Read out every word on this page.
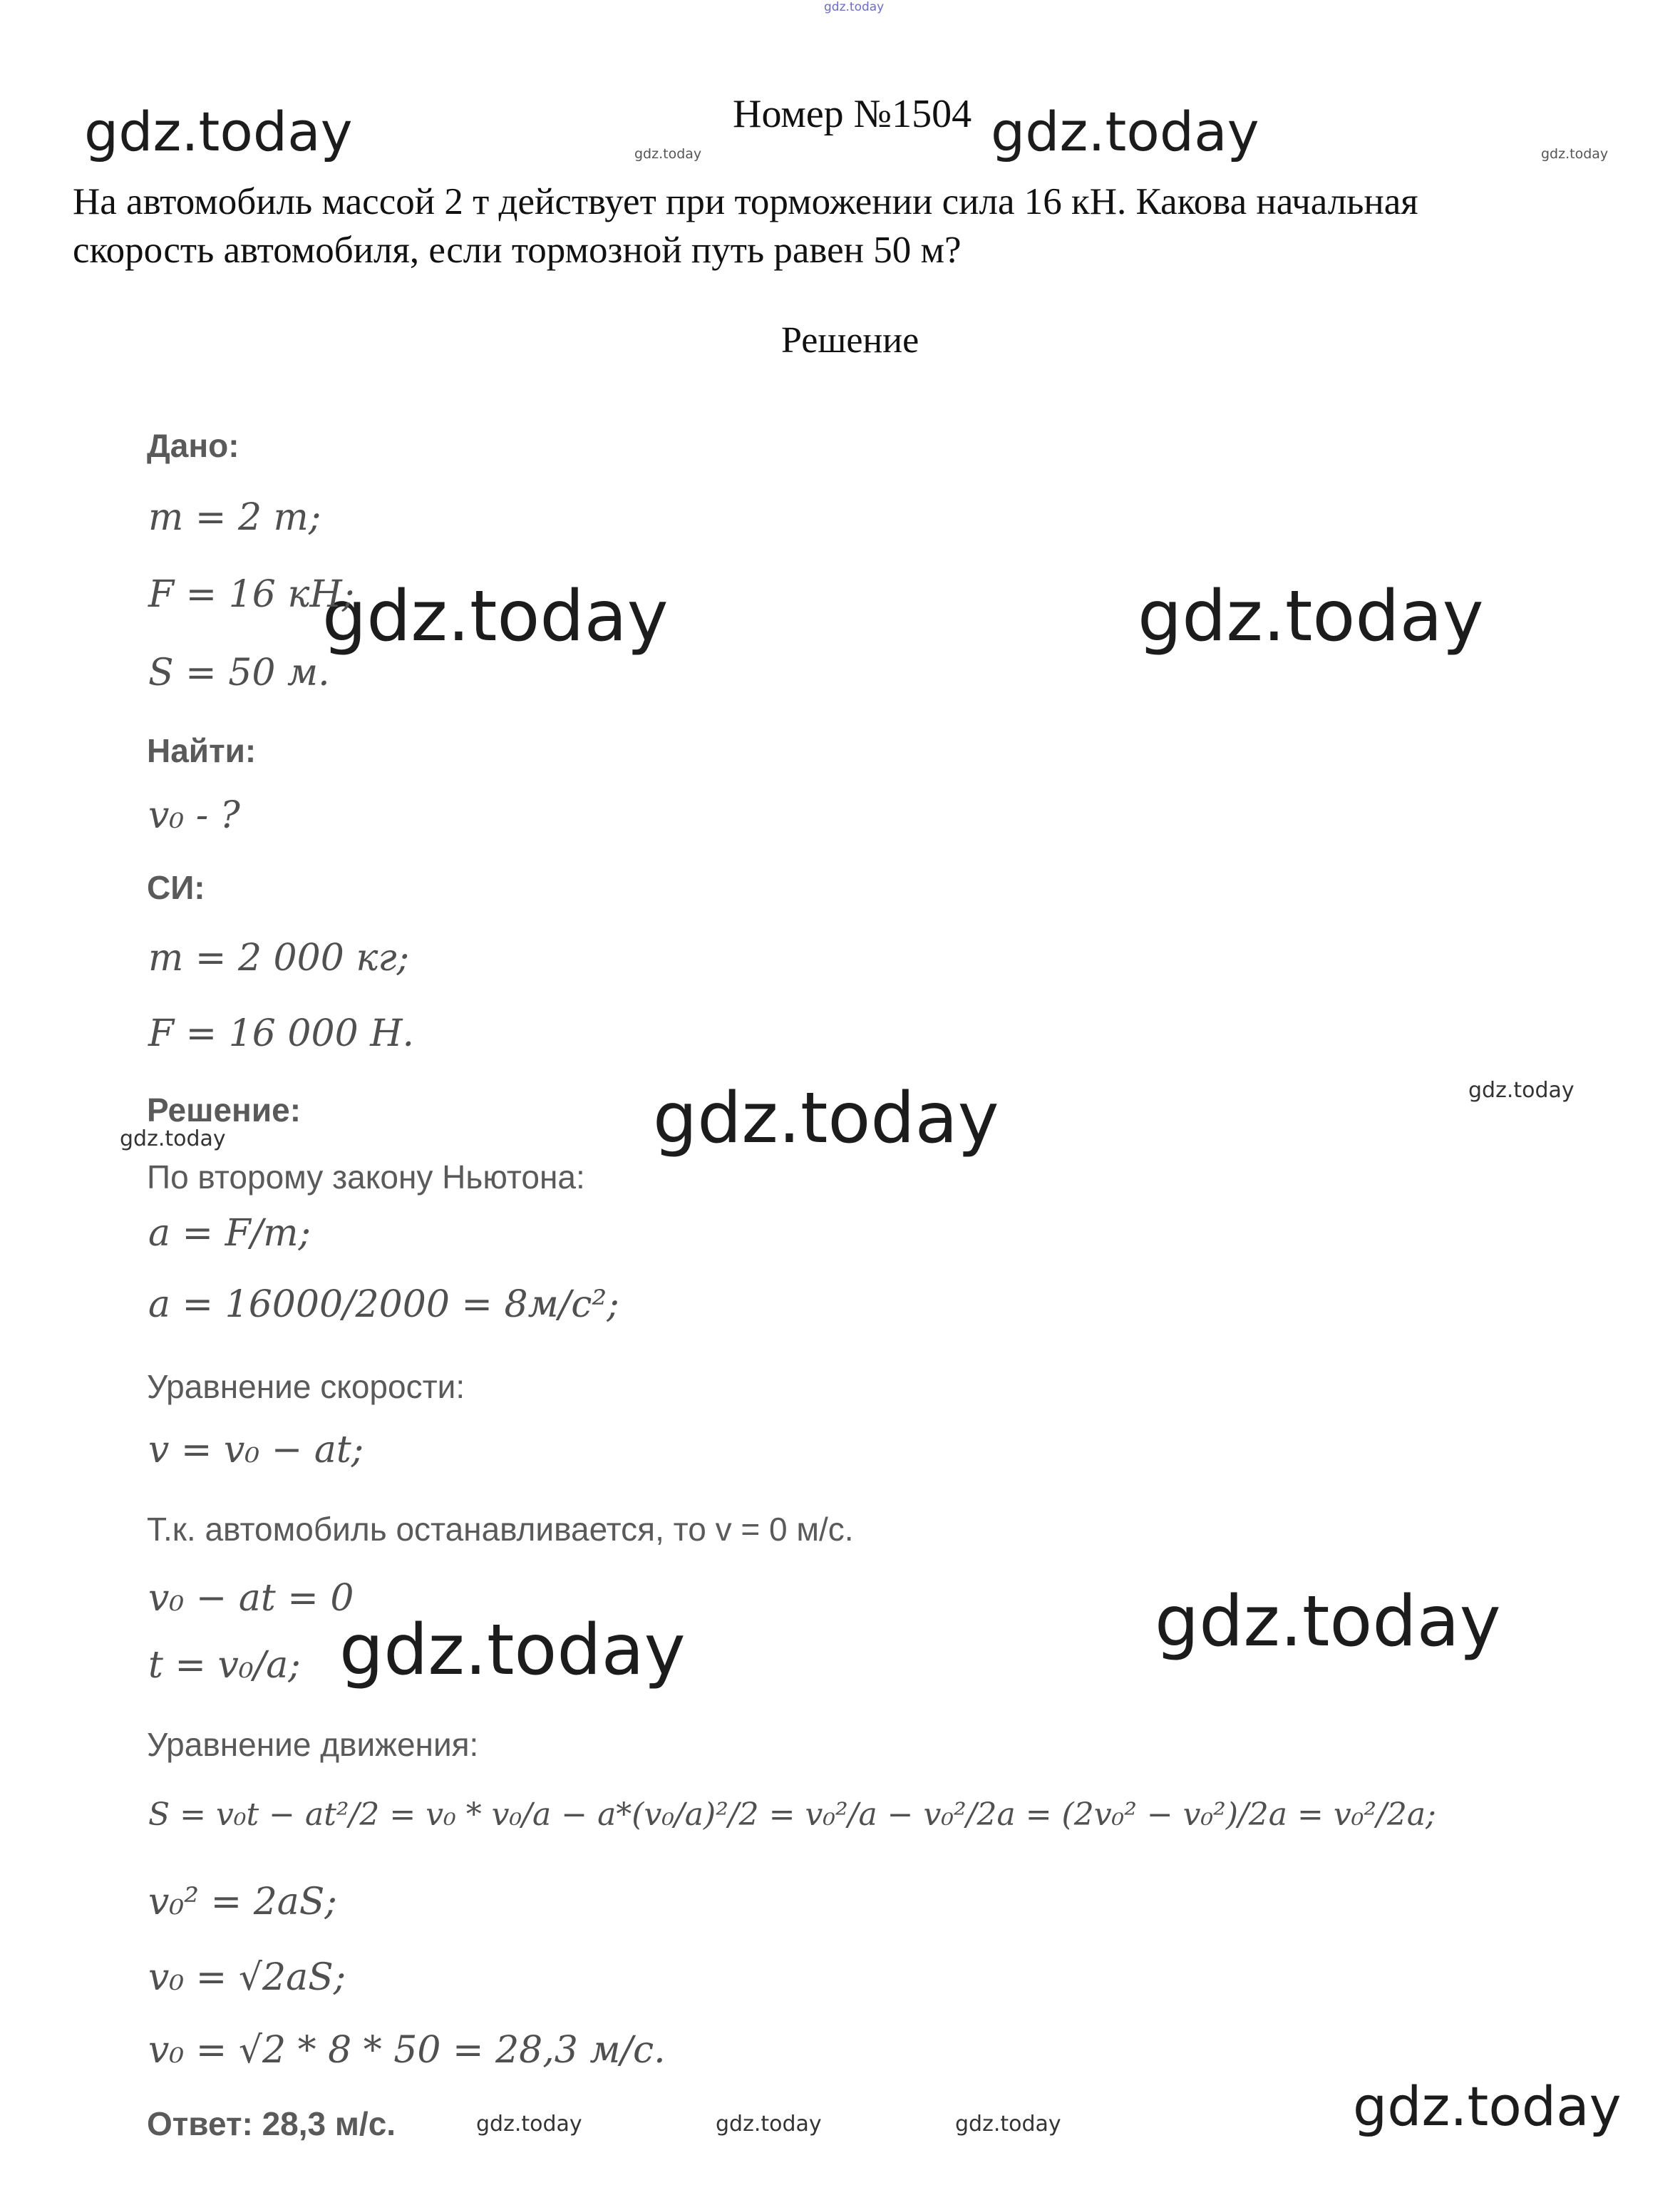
gdz.today
gdz.today	gdz.today	gdz.today	gdz.today
gdz.today	gdz.today
gdz.today	gdz.today
gdz.today
gdz.today	gdz.today
gdz.today
gdz.today	gdz.today	gdz.today
Номер №1504
На автомобиль массой 2 т действует при торможении сила 16 кН. Какова начальная
скорость автомобиля, если тормозной путь равен 50 м?
Решение
Дано:
m = 2 т;
F = 16 кН;
S = 50 м.
Найти:
v₀ - ?
СИ:
m = 2 000 кг;
F = 16 000 Н.
Решение:
По второму закону Ньютона:
a = F/m;
a = 16000/2000 = 8м/с²;
Уравнение скорости:
v = v₀ − at;
Т.к. автомобиль останавливается, то v = 0 м/с.
v₀ − at = 0
t = v₀/a;
Уравнение движения:
S = v₀t − at²/2 = v₀ * v₀/a − a*(v₀/a)²/2 = v₀²/a − v₀²/2a = (2v₀² − v₀²)/2a = v₀²/2a;
v₀² = 2aS;
v₀ = √2aS;
v₀ = √2 * 8 * 50 = 28,3 м/с.
Ответ: 28,3 м/с.
